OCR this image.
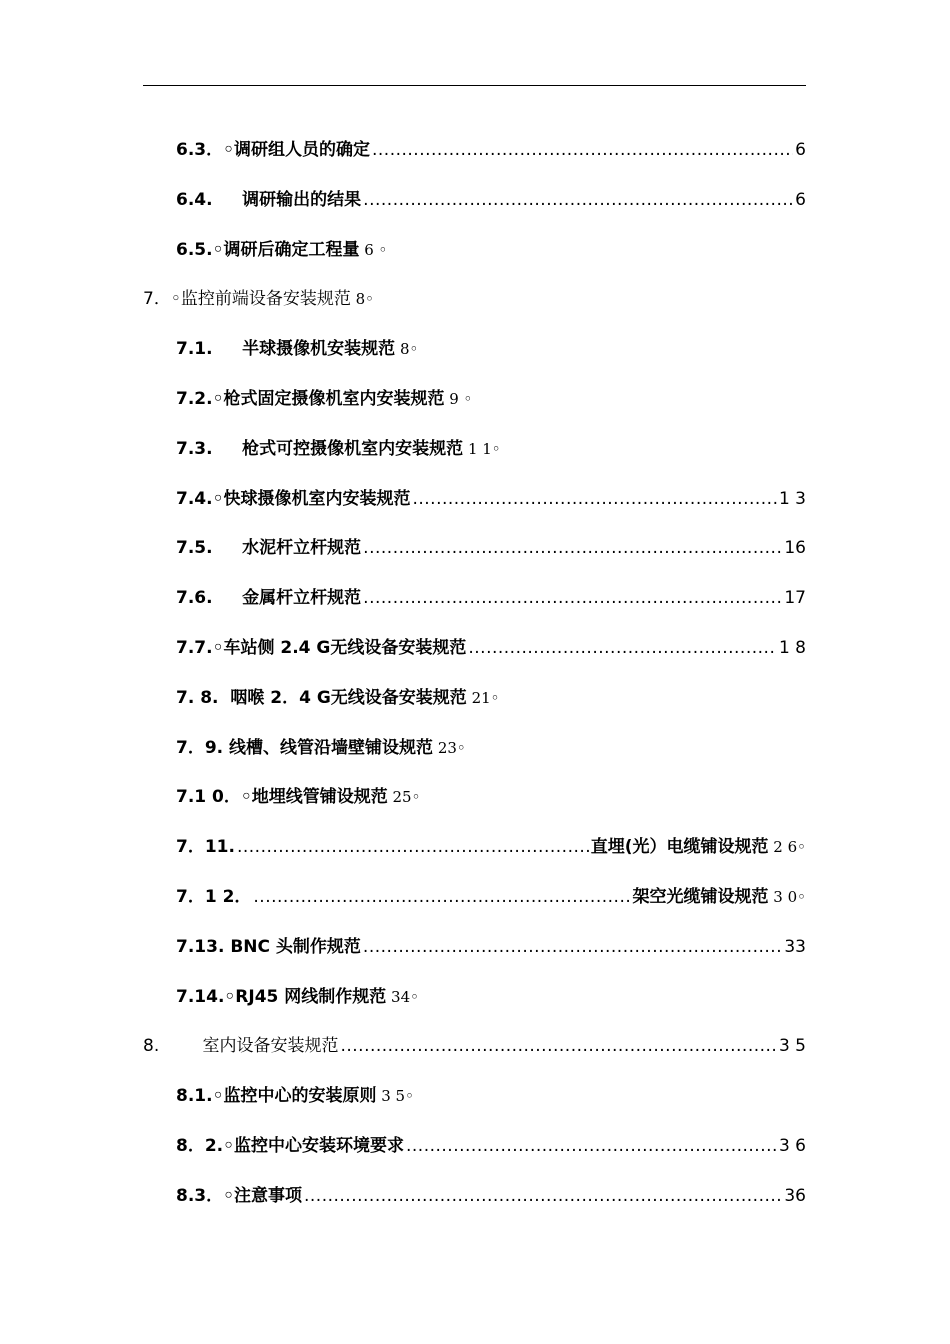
6.3．◦调研组人员的确定 .....	6
6.4.     调研输出的结果 .....	6
6.5.◦调研后确定工程量 6 ◦
7．◦监控前端设备安装规范 8◦
7.1.     半球摄像机安装规范 8◦
7.2.◦枪式固定摄像机室内安装规范 9 ◦
7.3.     枪式可控摄像机室内安装规范 1 1◦
7.4.◦快球摄像机室内安装规范 .....	1 3
7.5.     水泥杆立杆规范 .....	16
7.6.     金属杆立杆规范 .....	17
7.7.◦车站侧 2.4 G无线设备安装规范 .....	1 8
7. 8.  咽喉 2．4 G无线设备安装规范 21◦
7．9. 线槽、线管沿墙壁铺设规范 23◦
7.1 0．◦地埋线管铺设规范 25◦
7．11. .....	直埋(光）电缆铺设规范 2 6◦
7．1 2． .....	架空光缆铺设规范 3 0◦
7.13. BNC 头制作规范 .....	33
7.14.◦RJ45 网线制作规范 34◦
8.        室内设备安装规范 .....	3 5
8.1.◦监控中心的安装原则 3 5◦
8．2.◦监控中心安装环境要求 .....	3 6
8.3．◦注意事项 .....	36
